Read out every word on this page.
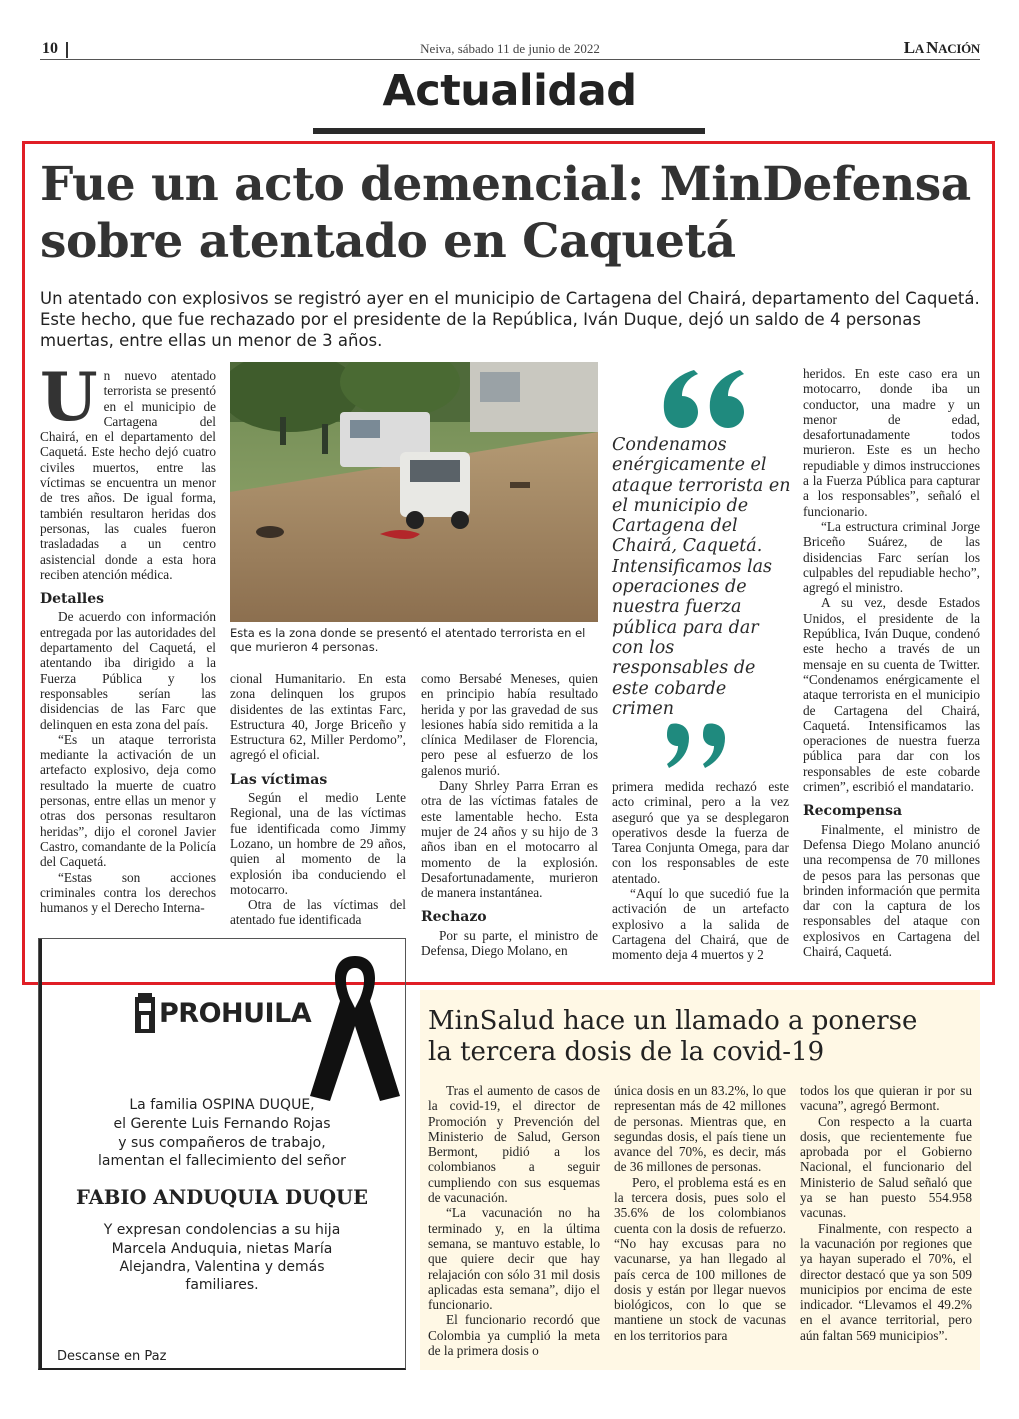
10	Neiva, sábado 11 de junio de 2022	LA NACIÓN
Actualidad
Fue un acto demencial: MinDefensa
sobre atentado en Caquetá
Un atentado con explosivos se registró ayer en el municipio de Cartagena del Chairá, departamento del Caquetá. Este hecho, que fue rechazado por el presidente de la República, Iván Duque, dejó un saldo de 4 personas muertas, entre ellas un menor de 3 años.

Un nuevo atentado terrorista se presentó en el municipio de Cartagena del Chairá, en el departamento del Caquetá. Este hecho dejó cuatro civiles muertos, entre las víctimas se encuentra un menor de tres años. De igual forma, también resultaron heridas dos personas, las cuales fueron trasladadas a un centro asistencial donde a esta hora reciben atención médica.

Detalles

De acuerdo con información entregada por las autoridades del departamento del Caquetá, el atentando iba dirigido a la Fuerza Pública y los responsables serían las disidencias de las Farc que delinquen en esta zona del país.

“Es un ataque terrorista mediante la activación de un artefacto explosivo, deja como resultado la muerte de cuatro personas, entre ellas un menor y otras dos personas resultaron heridas”, dijo el coronel Javier Castro, comandante de la Policía del Caquetá.

“Estas son acciones criminales contra los derechos humanos y el Derecho Interna-

Esta es la zona donde se presentó el atentado terrorista en el que murieron 4 personas.

cional Humanitario. En esta zona delinquen los grupos disidentes de las extintas Farc, Estructura 40, Jorge Briceño y Estructura 62, Miller Perdomo”, agregó el oficial.

Las víctimas

Según el medio Lente Regional, una de las víctimas fue identificada como Jimmy Lozano, un hombre de 29 años, quien al momento de la explosión iba conduciendo el motocarro.

Otra de las víctimas del atentado fue identificada

como Bersabé Meneses, quien en principio había resultado herida y por las gravedad de sus lesiones había sido remitida a la clínica Medilaser de Florencia, pero pese al esfuerzo de los galenos murió.

Dany Shrley Parra Erran es otra de las víctimas fatales de este lamentable hecho. Esta mujer de 24 años y su hijo de 3 años iban en el motocarro al momento de la explosión. Desafortunadamente, murieron de manera instantánea.

Rechazo

Por su parte, el ministro de Defensa, Diego Molano, en

Condenamos enérgicamente el ataque terrorista en el municipio de Cartagena del Chairá, Caquetá. Intensificamos las operaciones de nuestra fuerza pública para dar con los responsables de este cobarde crimen

primera medida rechazó este acto criminal, pero a la vez aseguró que ya se desplegaron operativos desde la fuerza de Tarea Conjunta Omega, para dar con los responsables de este atentado.

“Aquí lo que sucedió fue la activación de un artefacto explosivo a la salida de Cartagena del Chairá, que de momento deja 4 muertos y 2

heridos. En este caso era un motocarro, donde iba un conductor, una madre y un menor de edad, desafortunadamente todos murieron. Este es un hecho repudiable y dimos instrucciones a la Fuerza Pública para capturar a los responsables”, señaló el funcionario.

“La estructura criminal Jorge Briceño Suárez, de las disidencias Farc serían los culpables del repudiable hecho”, agregó el ministro.

A su vez, desde Estados Unidos, el presidente de la República, Iván Duque, condenó este hecho a través de un mensaje en su cuenta de Twitter. “Condenamos enérgicamente el ataque terrorista en el municipio de Cartagena del Chairá, Caquetá. Intensificamos las operaciones de nuestra fuerza pública para dar con los responsables de este cobarde crimen”, escribió el mandatario.

Recompensa

Finalmente, el ministro de Defensa Diego Molano anunció una recompensa de 70 millones de pesos para las personas que brinden información que permita dar con la captura de los responsables del ataque con explosivos en Cartagena del Chairá, Caquetá.

PROHUILA
La familia OSPINA DUQUE,
el Gerente Luis Fernando Rojas
y sus compañeros de trabajo,
lamentan el fallecimiento del señor
FABIO ANDUQUIA DUQUE
Y expresan condolencias a su hija
Marcela Anduquia, nietas María
Alejandra, Valentina y demás
familiares.
Descanse en Paz
MinSalud hace un llamado a ponerse
la tercera dosis de la covid-19

Tras el aumento de casos de la covid-19, el director de Promoción y Prevención del Ministerio de Salud, Gerson Bermont, pidió a los colombianos a seguir cumpliendo con sus esquemas de vacunación.

“La vacunación no ha terminado y, en la última semana, se mantuvo estable, lo que quiere decir que hay relajación con sólo 31 mil dosis aplicadas esta semana”, dijo el funcionario.

El funcionario recordó que Colombia ya cumplió la meta de la primera dosis o

única dosis en un 83.2%, lo que representan más de 42 millones de personas. Mientras que, en segundas dosis, el país tiene un avance del 70%, es decir, más de 36 millones de personas.

Pero, el problema está es en la tercera dosis, pues solo el 35.6% de los colombianos cuenta con la dosis de refuerzo. “No hay excusas para no vacunarse, ya han llegado al país cerca de 100 millones de dosis y están por llegar nuevos biológicos, con lo que se mantiene un stock de vacunas en los territorios para

todos los que quieran ir por su vacuna”, agregó Bermont.

Con respecto a la cuarta dosis, que recientemente fue aprobada por el Gobierno Nacional, el funcionario del Ministerio de Salud señaló que ya se han puesto 554.958 vacunas.

Finalmente, con respecto a la vacunación por regiones que ya hayan superado el 70%, el director destacó que ya son 509 municipios por encima de este indicador. “Llevamos el 49.2% en el avance territorial, pero aún faltan 569 municipios”.
